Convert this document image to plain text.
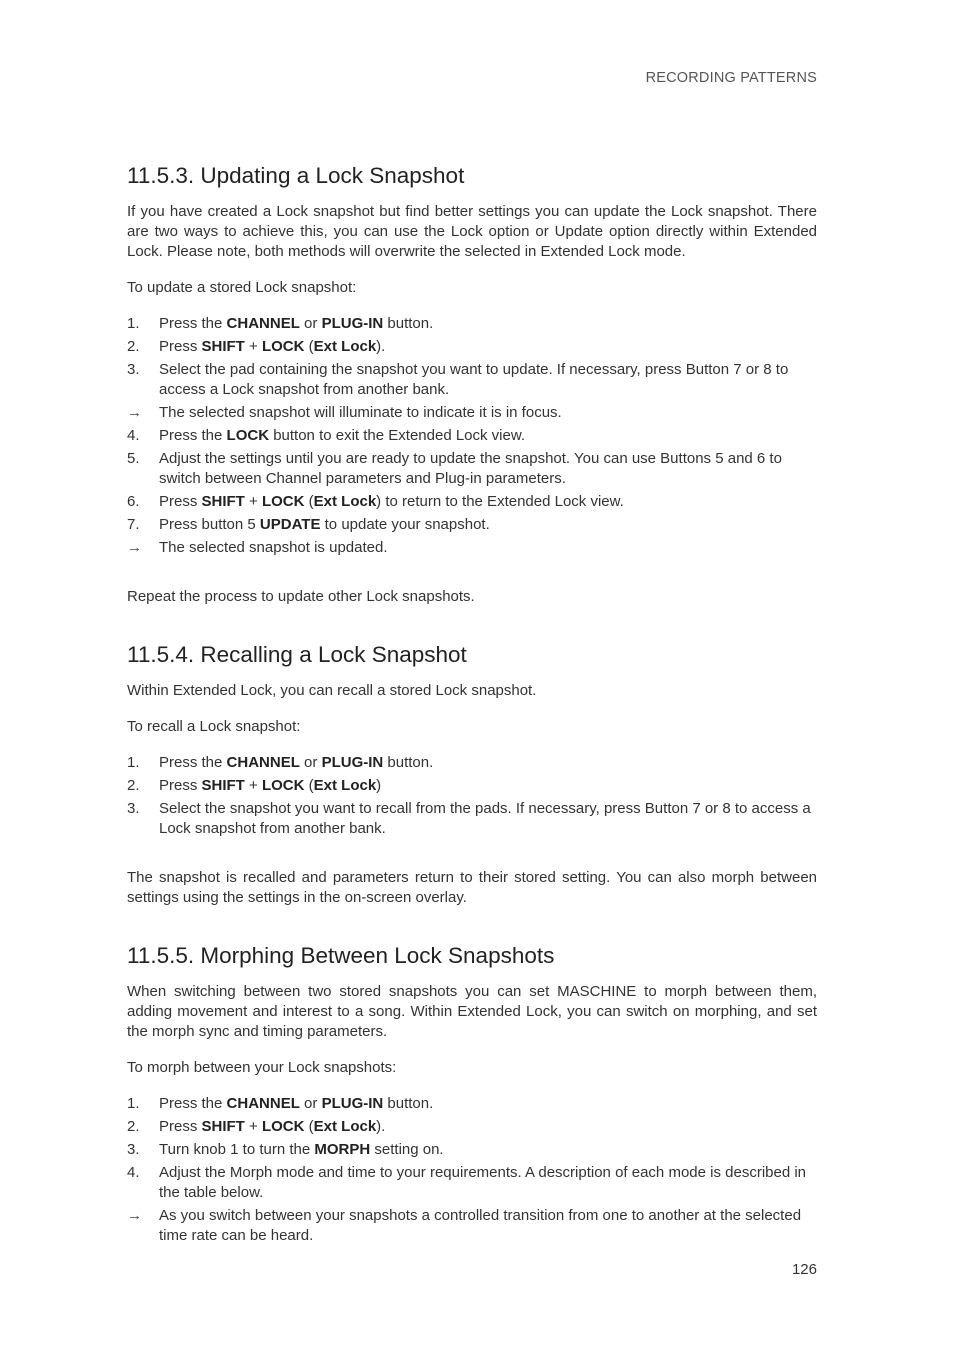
RECORDING PATTERNS
11.5.3. Updating a Lock Snapshot

If you have created a Lock snapshot but find better settings you can update the Lock snapshot. There are two ways to achieve this, you can use the Lock option or Update option directly within Extended Lock. Please note, both methods will overwrite the selected in Extended Lock mode.

To update a stored Lock snapshot:

1.	Press the CHANNEL or PLUG-IN button.
2.	Press SHIFT + LOCK (Ext Lock).
3.	Select the pad containing the snapshot you want to update. If necessary, press Button 7 or 8 to access a Lock snapshot from another bank.
→	The selected snapshot will illuminate to indicate it is in focus.
4.	Press the LOCK button to exit the Extended Lock view.
5.	Adjust the settings until you are ready to update the snapshot. You can use Buttons 5 and 6 to switch between Channel parameters and Plug-in parameters.
6.	Press SHIFT + LOCK (Ext Lock) to return to the Extended Lock view.
7.	Press button 5 UPDATE to update your snapshot.
→	The selected snapshot is updated.

Repeat the process to update other Lock snapshots.

11.5.4. Recalling a Lock Snapshot

Within Extended Lock, you can recall a stored Lock snapshot.

To recall a Lock snapshot:

1.	Press the CHANNEL or PLUG-IN button.
2.	Press SHIFT + LOCK (Ext Lock)
3.	Select the snapshot you want to recall from the pads. If necessary, press Button 7 or 8 to access a Lock snapshot from another bank.

The snapshot is recalled and parameters return to their stored setting. You can also morph between settings using the settings in the on-screen overlay.

11.5.5. Morphing Between Lock Snapshots

When switching between two stored snapshots you can set MASCHINE to morph between them, adding movement and interest to a song. Within Extended Lock, you can switch on morphing, and set the morph sync and timing parameters.

To morph between your Lock snapshots:

1.	Press the CHANNEL or PLUG-IN button.
2.	Press SHIFT + LOCK (Ext Lock).
3.	Turn knob 1 to turn the MORPH setting on.
4.	Adjust the Morph mode and time to your requirements. A description of each mode is described in the table below.
→	As you switch between your snapshots a controlled transition from one to another at the selected time rate can be heard.
126
